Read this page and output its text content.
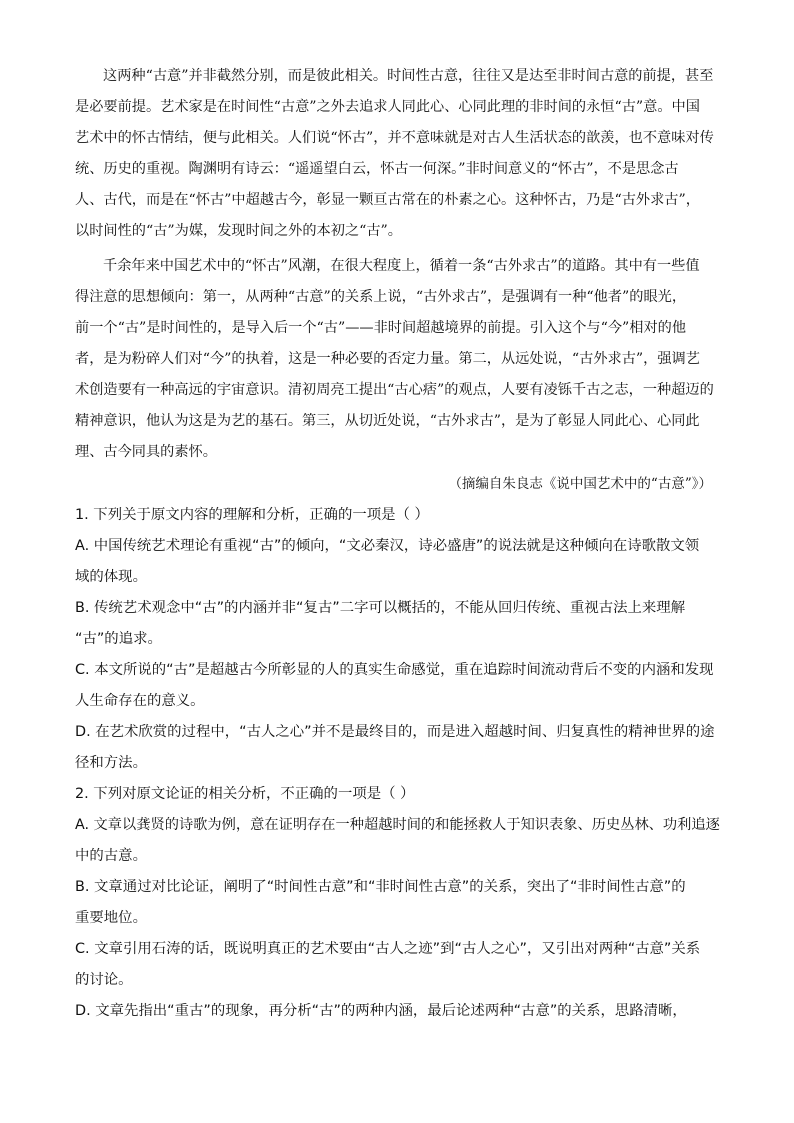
这两种“古意”并非截然分别，而是彼此相关。时间性古意，往往又是达至非时间古意的前提，甚至
是必要前提。艺术家是在时间性“古意”之外去追求人同此心、心同此理的非时间的永恒“古”意。中国
艺术中的怀古情结，便与此相关。人们说“怀古”，并不意味就是对古人生活状态的歆羡，也不意味对传
统、历史的重视。陶渊明有诗云：“遥遥望白云，怀古一何深。”非时间意义的“怀古”，不是思念古
人、古代，而是在“怀古”中超越古今，彰显一颗亘古常在的朴素之心。这种怀古，乃是“古外求古”，
以时间性的“古”为媒，发现时间之外的本初之“古”。
千余年来中国艺术中的“怀古”风潮，在很大程度上，循着一条“古外求古”的道路。其中有一些值
得注意的思想倾向：第一，从两种“古意”的关系上说，“古外求古”，是强调有一种“他者”的眼光，
前一个“古”是时间性的，是导入后一个“古”——非时间超越境界的前提。引入这个与“今”相对的他
者，是为粉碎人们对“今”的执着，这是一种必要的否定力量。第二，从远处说，“古外求古”，强调艺
术创造要有一种高远的宇宙意识。清初周亮工提出“古心痞”的观点，人要有凌铄千古之志，一种超迈的
精神意识，他认为这是为艺的基石。第三，从切近处说，“古外求古”，是为了彰显人同此心、心同此
理、古今同具的素怀。
（摘编自朱良志《说中国艺术中的“古意”》）
1. 下列关于原文内容的理解和分析，正确的一项是（ ）
A. 中国传统艺术理论有重视“古”的倾向，“文必秦汉，诗必盛唐”的说法就是这种倾向在诗歌散文领
域的体现。
B. 传统艺术观念中“古”的内涵并非“复古”二字可以概括的，不能从回归传统、重视古法上来理解
“古”的追求。
C. 本文所说的“古”是超越古今所彰显的人的真实生命感觉，重在追踪时间流动背后不变的内涵和发现
人生命存在的意义。
D. 在艺术欣赏的过程中，“古人之心”并不是最终目的，而是进入超越时间、归复真性的精神世界的途
径和方法。
2. 下列对原文论证的相关分析，不正确的一项是（ ）
A. 文章以龚贤的诗歌为例，意在证明存在一种超越时间的和能拯救人于知识表象、历史丛林、功利追逐
中的古意。
B. 文章通过对比论证，阐明了“时间性古意”和“非时间性古意”的关系，突出了“非时间性古意”的
重要地位。
C. 文章引用石涛的话，既说明真正的艺术要由“古人之迹”到“古人之心”，又引出对两种“古意”关系
的讨论。
D. 文章先指出“重古”的现象，再分析“古”的两种内涵，最后论述两种“古意”的关系，思路清晰，
